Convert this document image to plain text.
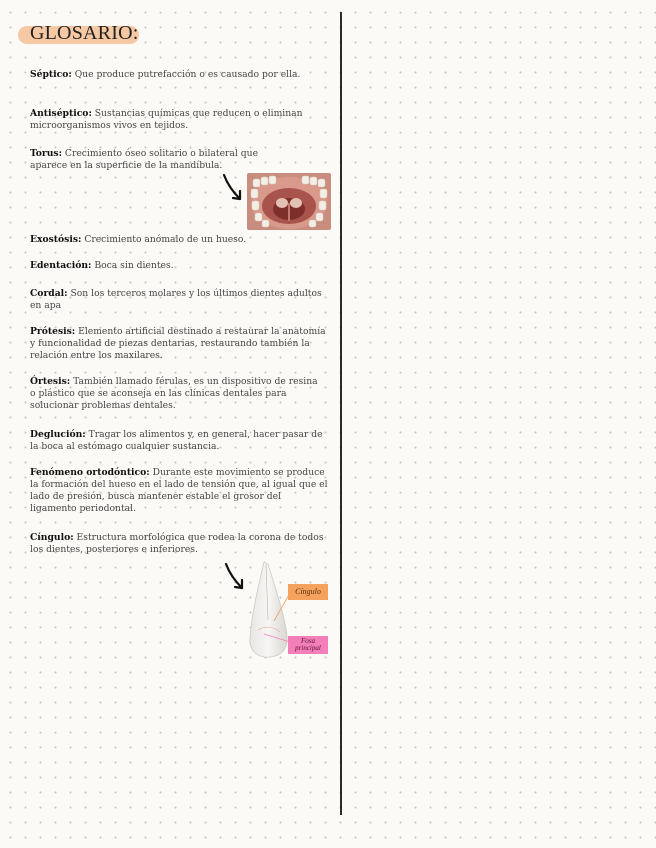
GLOSARIO:
Séptico: Que produce putrefacción o es causado por ella.
Antiséptico: Sustancias químicas que reducen o eliminan microorganismos vivos en tejidos.
Torus: Crecimiento óseo solitario o bilateral que aparece en la superficie de la mandíbula.
Exostósis: Crecimiento anómalo de un hueso.
Edentación: Boca sin dientes.
Cordal: Son los terceros molares y los últimos dientes adultos en apa
Prótesis: Elemento artificial destinado a restaurar la anatomía y funcionalidad de piezas dentarias, restaurando también la relación entre los maxilares.
Órtesis: También llamado férulas, es un dispositivo de resina o plástico que se aconseja en las clínicas dentales para solucionar problemas dentales.
Deglución: Tragar los alimentos y, en general, hacer pasar de la boca al estómago cualquier sustancia.
Fenómeno ortodóntico: Durante este movimiento se produce la formación del hueso en el lado de tensión que, al igual que el lado de presión, busca mantener estable el grosor del ligamento periodontal.
Cíngulo: Estructura morfológica que rodea la corona de todos los dientes, posteriores e inferiores.
Cíngulo
Fosa principal
